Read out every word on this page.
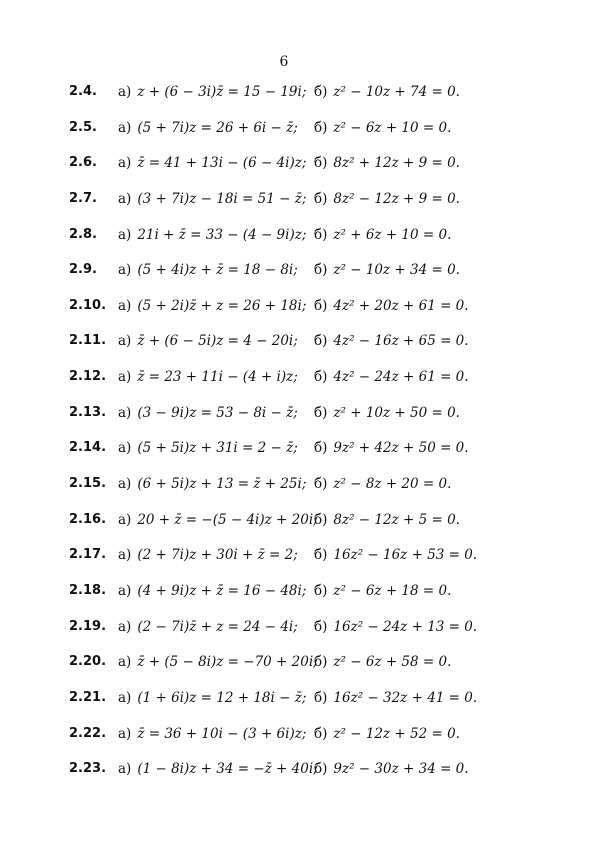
6
2.4. а) z + (6 − 3i)z̄ = 15 − 19i; б) z² − 10z + 74 = 0.
2.5. а) (5 + 7i)z = 26 + 6i − z̄; б) z² − 6z + 10 = 0.
2.6. а) z̄ = 41 + 13i − (6 − 4i)z; б) 8z² + 12z + 9 = 0.
2.7. а) (3 + 7i)z − 18i = 51 − z̄; б) 8z² − 12z + 9 = 0.
2.8. а) 21i + z̄ = 33 − (4 − 9i)z; б) z² + 6z + 10 = 0.
2.9. а) (5 + 4i)z + z̄ = 18 − 8i; б) z² − 10z + 34 = 0.
2.10. а) (5 + 2i)z̄ + z = 26 + 18i; б) 4z² + 20z + 61 = 0.
2.11. а) z̄ + (6 − 5i)z = 4 − 20i; б) 4z² − 16z + 65 = 0.
2.12. а) z̄ = 23 + 11i − (4 + i)z; б) 4z² − 24z + 61 = 0.
2.13. а) (3 − 9i)z = 53 − 8i − z̄; б) z² + 10z + 50 = 0.
2.14. а) (5 + 5i)z + 31i = 2 − z̄; б) 9z² + 42z + 50 = 0.
2.15. а) (6 + 5i)z + 13 = z̄ + 25i; б) z² − 8z + 20 = 0.
2.16. а) 20 + z̄ = −(5 − 4i)z + 20i;
б) 8z² − 12z + 5 = 0.
2.17. а) (2 + 7i)z + 30i + z̄ = 2; б) 16z² − 16z + 53 = 0.
2.18. а) (4 + 9i)z + z̄ = 16 − 48i; б) z² − 6z + 18 = 0.
2.19. а) (2 − 7i)z̄ + z = 24 − 4i; б) 16z² − 24z + 13 = 0.
2.20. а) z̄ + (5 − 8i)z = −70 + 20i;
б) z² − 6z + 58 = 0.
2.21. а) (1 + 6i)z = 12 + 18i − z̄; б) 16z² − 32z + 41 = 0.
2.22. а) z̄ = 36 + 10i − (3 + 6i)z; б) z² − 12z + 52 = 0.
2.23. а) (1 − 8i)z + 34 = −z̄ + 40i;
б) 9z² − 30z + 34 = 0.
